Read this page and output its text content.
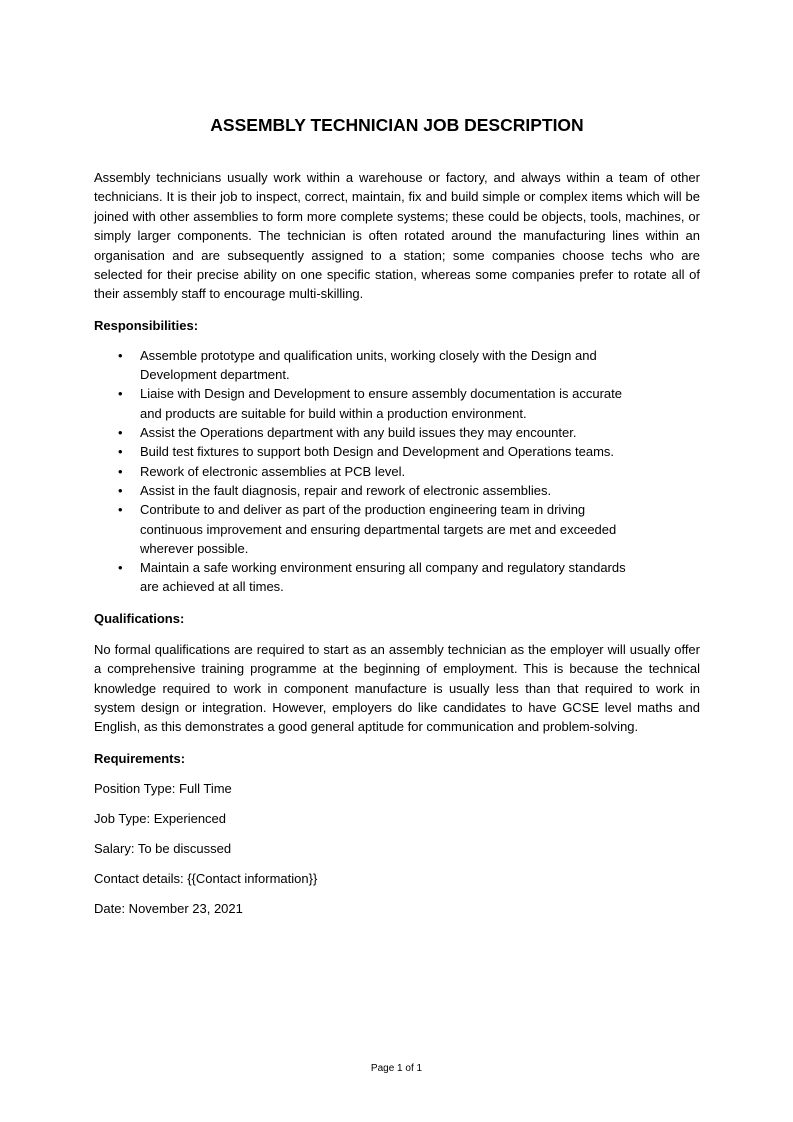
ASSEMBLY TECHNICIAN JOB DESCRIPTION

Assembly technicians usually work within a warehouse or factory, and always within a team of other technicians. It is their job to inspect, correct, maintain, fix and build simple or complex items which will be joined with other assemblies to form more complete systems; these could be objects, tools, machines, or simply larger components. The technician is often rotated around the manufacturing lines within an organisation and are subsequently assigned to a station; some companies choose techs who are selected for their precise ability on one specific station, whereas some companies prefer to rotate all of their assembly staff to encourage multi-skilling.

Responsibilities:
• Assemble prototype and qualification units, working closely with the Design and Development department.
• Liaise with Design and Development to ensure assembly documentation is accurate and products are suitable for build within a production environment.
• Assist the Operations department with any build issues they may encounter.
• Build test fixtures to support both Design and Development and Operations teams.
• Rework of electronic assemblies at PCB level.
• Assist in the fault diagnosis, repair and rework of electronic assemblies.
• Contribute to and deliver as part of the production engineering team in driving continuous improvement and ensuring departmental targets are met and exceeded wherever possible.
• Maintain a safe working environment ensuring all company and regulatory standards are achieved at all times.
Qualifications:

No formal qualifications are required to start as an assembly technician as the employer will usually offer a comprehensive training programme at the beginning of employment. This is because the technical knowledge required to work in component manufacture is usually less than that required to work in system design or integration. However, employers do like candidates to have GCSE level maths and English, as this demonstrates a good general aptitude for communication and problem-solving.

Requirements:
Position Type: Full Time
Job Type: Experienced
Salary: To be discussed
Contact details: {{Contact information}}
Date: November 23, 2021
Page 1 of 1
